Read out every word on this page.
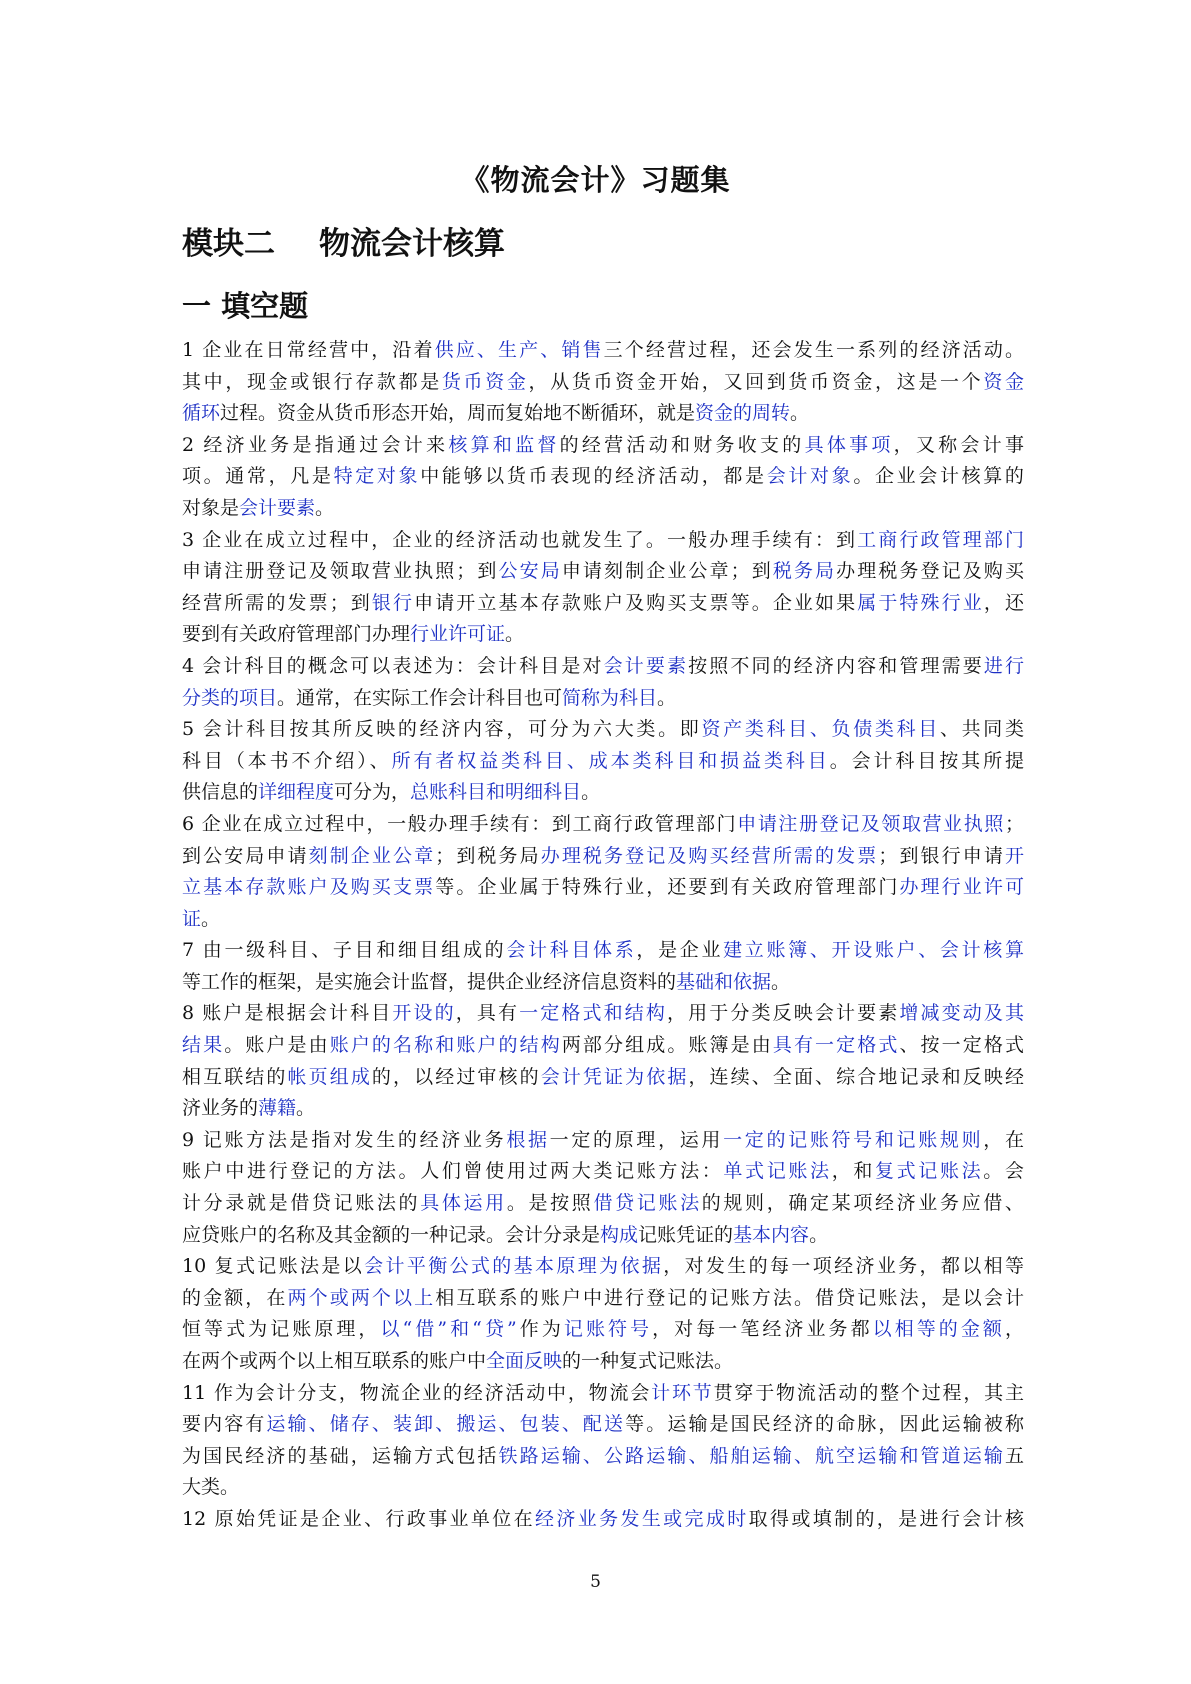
《物流会计》习题集
模块二 物流会计核算
一 填空题
1 企业在日常经营中，沿着供应、生产、销售三个经营过程，还会发生一系列的经济活动。
其中，现金或银行存款都是货币资金，从货币资金开始，又回到货币资金，这是一个资金
循环过程。资金从货币形态开始，周而复始地不断循环，就是资金的周转。
2 经济业务是指通过会计来核算和监督的经营活动和财务收支的具体事项，又称会计事
项。通常，凡是特定对象中能够以货币表现的经济活动，都是会计对象。企业会计核算的
对象是会计要素。
3 企业在成立过程中，企业的经济活动也就发生了。一般办理手续有：到工商行政管理部门
申请注册登记及领取营业执照；到公安局申请刻制企业公章；到税务局办理税务登记及购买
经营所需的发票；到银行申请开立基本存款账户及购买支票等。企业如果属于特殊行业，还
要到有关政府管理部门办理行业许可证。
4 会计科目的概念可以表述为：会计科目是对会计要素按照不同的经济内容和管理需要进行
分类的项目。通常，在实际工作会计科目也可简称为科目。
5 会计科目按其所反映的经济内容，可分为六大类。即资产类科目、负债类科目、共同类
科目（本书不介绍）、所有者权益类科目、成本类科目和损益类科目。会计科目按其所提
供信息的详细程度可分为，总账科目和明细科目。
6 企业在成立过程中，一般办理手续有：到工商行政管理部门申请注册登记及领取营业执照；
到公安局申请刻制企业公章；到税务局办理税务登记及购买经营所需的发票；到银行申请开
立基本存款账户及购买支票等。企业属于特殊行业，还要到有关政府管理部门办理行业许可
证。
7 由一级科目、子目和细目组成的会计科目体系，是企业建立账簿、开设账户、会计核算
等工作的框架，是实施会计监督，提供企业经济信息资料的基础和依据。
8 账户是根据会计科目开设的，具有一定格式和结构，用于分类反映会计要素增减变动及其
结果。账户是由账户的名称和账户的结构两部分组成。账簿是由具有一定格式、按一定格式
相互联结的帐页组成的，以经过审核的会计凭证为依据，连续、全面、综合地记录和反映经
济业务的薄籍。
9 记账方法是指对发生的经济业务根据一定的原理，运用一定的记账符号和记账规则，在
账户中进行登记的方法。人们曾使用过两大类记账方法：单式记账法，和复式记账法。会
计分录就是借贷记账法的具体运用。是按照借贷记账法的规则，确定某项经济业务应借、
应贷账户的名称及其金额的一种记录。会计分录是构成记账凭证的基本内容。
10 复式记账法是以会计平衡公式的基本原理为依据，对发生的每一项经济业务，都以相等
的金额，在两个或两个以上相互联系的账户中进行登记的记账方法。借贷记账法，是以会计
恒等式为记账原理，以“借”和“贷”作为记账符号，对每一笔经济业务都以相等的金额，
在两个或两个以上相互联系的账户中全面反映的一种复式记账法。
11 作为会计分支，物流企业的经济活动中，物流会计环节贯穿于物流活动的整个过程，其主
要内容有运输、储存、装卸、搬运、包装、配送等。运输是国民经济的命脉，因此运输被称
为国民经济的基础，运输方式包括铁路运输、公路运输、船舶运输、航空运输和管道运输五
大类。
12 原始凭证是企业、行政事业单位在经济业务发生或完成时取得或填制的，是进行会计核
5
